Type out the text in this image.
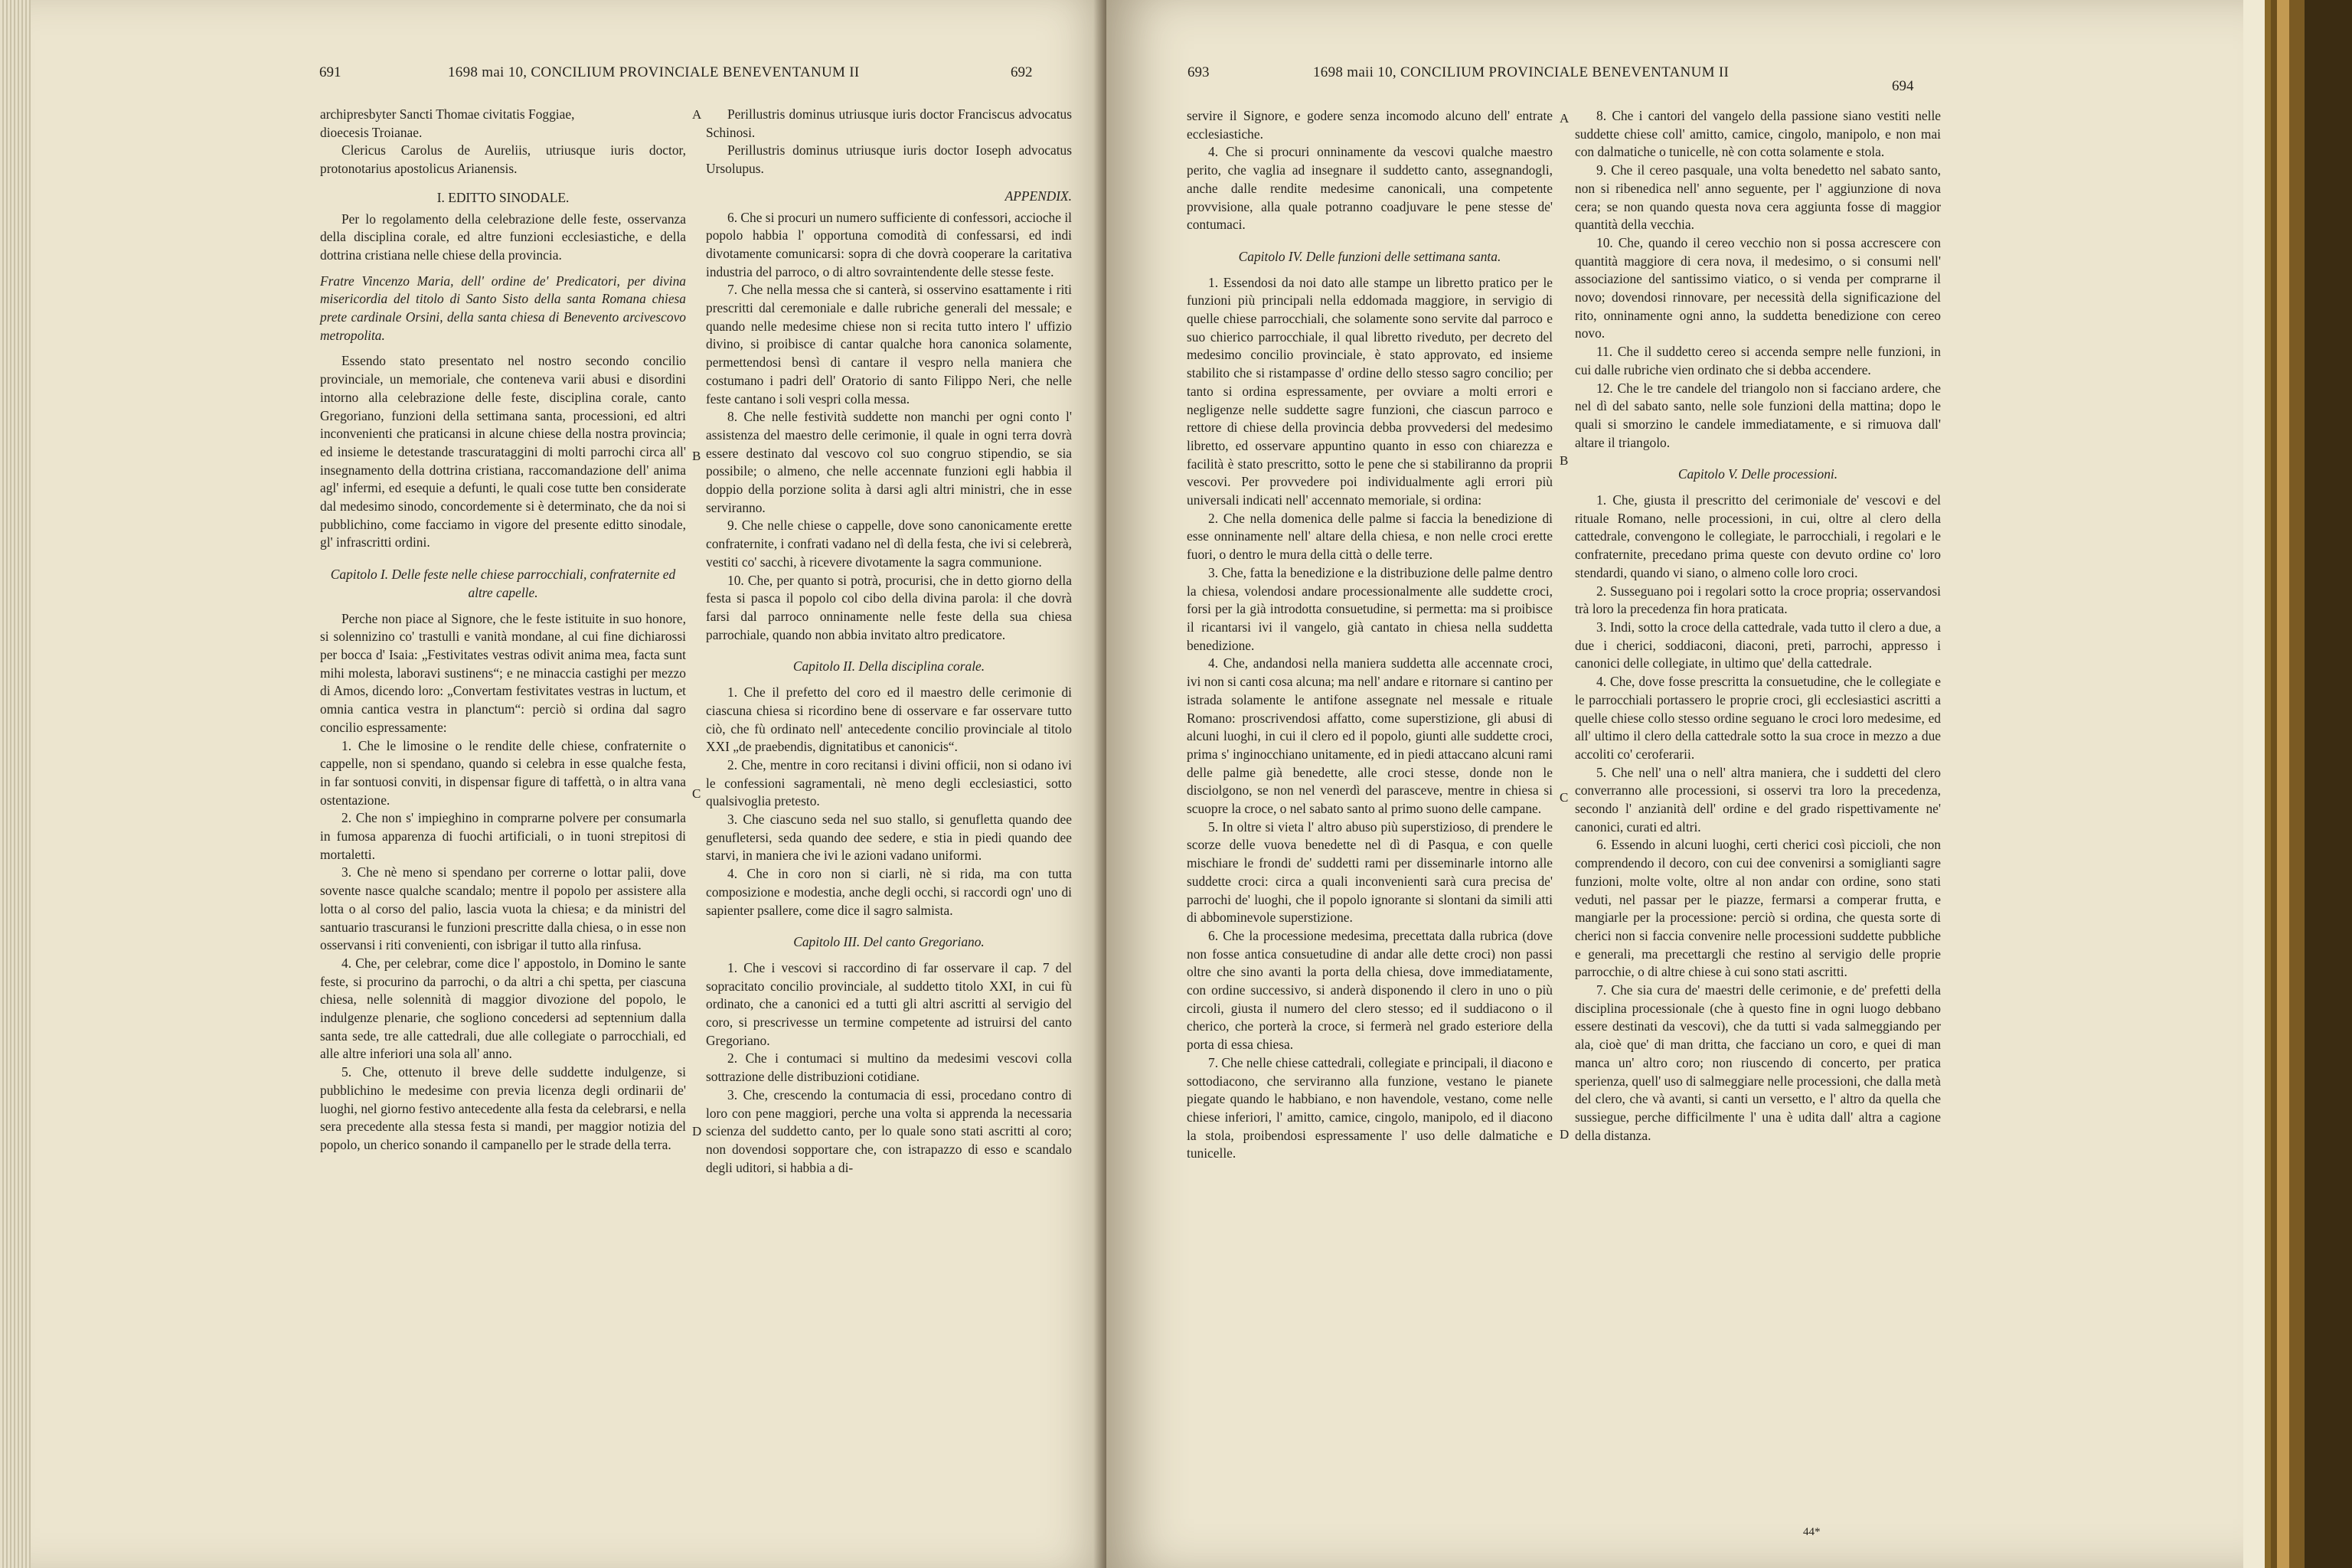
691	1698 mai 10, CONCILIUM PROVINCIALE BENEVENTANUM II	692

archipresbyter Sancti Thomae civitatis Foggiae,

dioecesis Troianae.

Clericus Carolus de Aureliis, utriusque iuris doctor, protonotarius apostolicus Arianensis.

I. EDITTO SINODALE.

Per lo regolamento della celebrazione delle feste, osservanza della disciplina corale, ed altre funzioni ecclesiastiche, e della dottrina cristiana nelle chiese della provincia.

Fratre Vincenzo Maria, dell' ordine de' Predicatori, per divina misericordia del titolo di Santo Sisto della santa Romana chiesa prete cardinale Orsini, della santa chiesa di Benevento arcivescovo metropolita.

Essendo stato presentato nel nostro secondo concilio provinciale, un memoriale, che conteneva varii abusi e disordini intorno alla celebrazione delle feste, disciplina corale, canto Gregoriano, funzioni della settimana santa, processioni, ed altri inconvenienti che praticansi in alcune chiese della nostra provincia; ed insieme le detestande trascurataggini di molti parrochi circa all' insegnamento della dottrina cristiana, raccomandazione dell' anima agl' infermi, ed esequie a defunti, le quali cose tutte ben considerate dal medesimo sinodo, concordemente si è determinato, che da noi si pubblichino, come facciamo in vigore del presente editto sinodale, gl' infrascritti ordini.

Capitolo I. Delle feste nelle chiese parrocchiali, confraternite ed altre capelle.

Perche non piace al Signore, che le feste istituite in suo honore, si solennizino co' trastulli e vanità mondane, al cui fine dichiarossi per bocca d' Isaia: „Festivitates vestras odivit anima mea, facta sunt mihi molesta, laboravi sustinens“; e ne minaccia castighi per mezzo di Amos, dicendo loro: „Convertam festivitates vestras in luctum, et omnia cantica vestra in planctum“: perciò si ordina dal sagro concilio espressamente:

1. Che le limosine o le rendite delle chiese, confraternite o cappelle, non si spendano, quando si celebra in esse qualche festa, in far sontuosi conviti, in dispensar figure di taffettà, o in altra vana ostentazione.

2. Che non s' impieghino in comprarne polvere per consumarla in fumosa apparenza di fuochi artificiali, o in tuoni strepitosi di mortaletti.

3. Che nè meno si spendano per correrne o lottar palii, dove sovente nasce qualche scandalo; mentre il popolo per assistere alla lotta o al corso del palio, lascia vuota la chiesa; e da ministri del santuario trascuransi le funzioni prescritte dalla chiesa, o in esse non osservansi i riti convenienti, con isbrigar il tutto alla rinfusa.

4. Che, per celebrar, come dice l' appostolo, in Domino le sante feste, si procurino da parrochi, o da altri a chi spetta, per ciascuna chiesa, nelle solennità di maggior divozione del popolo, le indulgenze plenarie, che sogliono concedersi ad septennium dalla santa sede, tre alle cattedrali, due alle collegiate o parrocchiali, ed alle altre inferiori una sola all' anno.

5. Che, ottenuto il breve delle suddette indulgenze, si pubblichino le medesime con previa licenza degli ordinarii de' luoghi, nel giorno festivo antecedente alla festa da celebrarsi, e nella sera precedente alla stessa festa si mandi, per maggior notizia del popolo, un cherico sonando il campanello per le strade della terra.

A
B
C
D

Perillustris dominus utriusque iuris doctor Franciscus advocatus Schinosi.

Perillustris dominus utriusque iuris doctor Ioseph advocatus Ursolupus.

APPENDIX.

6. Che si procuri un numero sufficiente di confessori, accioche il popolo habbia l' opportuna comodità di confessarsi, ed indi divotamente comunicarsi: sopra di che dovrà cooperare la caritativa industria del parroco, o di altro sovraintendente delle stesse feste.

7. Che nella messa che si canterà, si osservino esattamente i riti prescritti dal ceremoniale e dalle rubriche generali del messale; e quando nelle medesime chiese non si recita tutto intero l' uffizio divino, si proibisce di cantar qualche hora canonica solamente, permettendosi bensì di cantare il vespro nella maniera che costumano i padri dell' Oratorio di santo Filippo Neri, che nelle feste cantano i soli vespri colla messa.

8. Che nelle festività suddette non manchi per ogni conto l' assistenza del maestro delle cerimonie, il quale in ogni terra dovrà essere destinato dal vescovo col suo congruo stipendio, se sia possibile; o almeno, che nelle accennate funzioni egli habbia il doppio della porzione solita à darsi agli altri ministri, che in esse serviranno.

9. Che nelle chiese o cappelle, dove sono canonicamente erette confraternite, i confrati vadano nel dì della festa, che ivi si celebrerà, vestiti co' sacchi, à ricevere divotamente la sagra communione.

10. Che, per quanto si potrà, procurisi, che in detto giorno della festa si pasca il popolo col cibo della divina parola: il che dovrà farsi dal parroco onninamente nelle feste della sua chiesa parrochiale, quando non abbia invitato altro predicatore.

Capitolo II. Della disciplina corale.

1. Che il prefetto del coro ed il maestro delle cerimonie di ciascuna chiesa si ricordino bene di osservare e far osservare tutto ciò, che fù ordinato nell' antecedente concilio provinciale al titolo XXI „de praebendis, dignitatibus et canonicis“.

2. Che, mentre in coro recitansi i divini officii, non si odano ivi le confessioni sagramentali, nè meno degli ecclesiastici, sotto qualsivoglia pretesto.

3. Che ciascuno seda nel suo stallo, si genufletta quando dee genufletersi, seda quando dee sedere, e stia in piedi quando dee starvi, in maniera che ivi le azioni vadano uniformi.

4. Che in coro non si ciarli, nè si rida, ma con tutta composizione e modestia, anche degli occhi, si raccordi ogn' uno di sapienter psallere, come dice il sagro salmista.

Capitolo III. Del canto Gregoriano.

1. Che i vescovi si raccordino di far osservare il cap. 7 del sopracitato concilio provinciale, al suddetto titolo XXI, in cui fù ordinato, che a canonici ed a tutti gli altri ascritti al servigio del coro, si prescrivesse un termine competente ad istruirsi del canto Gregoriano.

2. Che i contumaci si multino da medesimi vescovi colla sottrazione delle distribuzioni cotidiane.

3. Che, crescendo la contumacia di essi, procedano contro di loro con pene maggiori, perche una volta si apprenda la necessaria scienza del suddetto canto, per lo quale sono stati ascritti al coro; non dovendosi sopportare che, con istrapazzo di esso e scandalo degli uditori, si habbia a di-

693	1698 maii 10, CONCILIUM PROVINCIALE BENEVENTANUM II
694

servire il Signore, e godere senza incomodo alcuno dell' entrate ecclesiastiche.

4. Che si procuri onninamente da vescovi qualche maestro perito, che vaglia ad insegnare il suddetto canto, assegnandogli, anche dalle rendite medesime canonicali, una competente provvisione, alla quale potranno coadjuvare le pene stesse de' contumaci.

Capitolo IV. Delle funzioni delle settimana santa.

1. Essendosi da noi dato alle stampe un libretto pratico per le funzioni più principali nella eddomada maggiore, in servigio di quelle chiese parrocchiali, che solamente sono servite dal parroco e suo chierico parrocchiale, il qual libretto riveduto, per decreto del medesimo concilio provinciale, è stato approvato, ed insieme stabilito che si ristampasse d' ordine dello stesso sagro concilio; per tanto si ordina espressamente, per ovviare a molti errori e negligenze nelle suddette sagre funzioni, che ciascun parroco e rettore di chiese della provincia debba provvedersi del medesimo libretto, ed osservare appuntino quanto in esso con chiarezza e facilità è stato prescritto, sotto le pene che si stabiliranno da proprii vescovi. Per provvedere poi individualmente agli errori più universali indicati nell' accennato memoriale, si ordina:

2. Che nella domenica delle palme si faccia la benedizione di esse onninamente nell' altare della chiesa, e non nelle croci erette fuori, o dentro le mura della città o delle terre.

3. Che, fatta la benedizione e la distribuzione delle palme dentro la chiesa, volendosi andare processionalmente alle suddette croci, forsi per la già introdotta consuetudine, si permetta: ma si proibisce il ricantarsi ivi il vangelo, già cantato in chiesa nella suddetta benedizione.

4. Che, andandosi nella maniera suddetta alle accennate croci, ivi non si canti cosa alcuna; ma nell' andare e ritornare si cantino per istrada solamente le antifone assegnate nel messale e rituale Romano: proscrivendosi affatto, come superstizione, gli abusi di alcuni luoghi, in cui il clero ed il popolo, giunti alle suddette croci, prima s' inginocchiano unitamente, ed in piedi attaccano alcuni rami delle palme già benedette, alle croci stesse, donde non le disciolgono, se non nel venerdì del parasceve, mentre in chiesa si scuopre la croce, o nel sabato santo al primo suono delle campane.

5. In oltre si vieta l' altro abuso più superstizioso, di prendere le scorze delle vuova benedette nel dì di Pasqua, e con quelle mischiare le frondi de' suddetti rami per disseminarle intorno alle suddette croci: circa a quali inconvenienti sarà cura precisa de' parrochi de' luoghi, che il popolo ignorante si slontani da simili atti di abbominevole superstizione.

6. Che la processione medesima, precettata dalla rubrica (dove non fosse antica consuetudine di andar alle dette croci) non passi oltre che sino avanti la porta della chiesa, dove immediatamente, con ordine successivo, si anderà disponendo il clero in uno o più circoli, giusta il numero del clero stesso; ed il suddiacono o il cherico, che porterà la croce, si fermerà nel grado esteriore della porta di essa chiesa.

7. Che nelle chiese cattedrali, collegiate e principali, il diacono e sottodiacono, che serviranno alla funzione, vestano le pianete piegate quando le habbiano, e non havendole, vestano, come nelle chiese inferiori, l' amitto, camice, cingolo, manipolo, ed il diacono la stola, proibendosi espressamente l' uso delle dalmatiche e tunicelle.

A
B
C
D

8. Che i cantori del vangelo della passione siano vestiti nelle suddette chiese coll' amitto, camice, cingolo, manipolo, e non mai con dalmatiche o tunicelle, nè con cotta solamente e stola.

9. Che il cereo pasquale, una volta benedetto nel sabato santo, non si ribenedica nell' anno seguente, per l' aggiunzione di nova cera; se non quando questa nova cera aggiunta fosse di maggior quantità della vecchia.

10. Che, quando il cereo vecchio non si possa accrescere con quantità maggiore di cera nova, il medesimo, o si consumi nell' associazione del santissimo viatico, o si venda per comprarne il novo; dovendosi rinnovare, per necessità della significazione del rito, onninamente ogni anno, la suddetta benedizione con cereo novo.

11. Che il suddetto cereo si accenda sempre nelle funzioni, in cui dalle rubriche vien ordinato che si debba accendere.

12. Che le tre candele del triangolo non si facciano ardere, che nel dì del sabato santo, nelle sole funzioni della mattina; dopo le quali si smorzino le candele immediatamente, e si rimuova dall' altare il triangolo.

Capitolo V. Delle processioni.

1. Che, giusta il prescritto del cerimoniale de' vescovi e del rituale Romano, nelle processioni, in cui, oltre al clero della cattedrale, convengono le collegiate, le parrocchiali, i regolari e le confraternite, precedano prima queste con devuto ordine co' loro stendardi, quando vi siano, o almeno colle loro croci.

2. Susseguano poi i regolari sotto la croce propria; osservandosi trà loro la precedenza fin hora praticata.

3. Indi, sotto la croce della cattedrale, vada tutto il clero a due, a due i cherici, soddiaconi, diaconi, preti, parrochi, appresso i canonici delle collegiate, in ultimo que' della cattedrale.

4. Che, dove fosse prescritta la consuetudine, che le collegiate e le parrocchiali portassero le proprie croci, gli ecclesiastici ascritti a quelle chiese collo stesso ordine seguano le croci loro medesime, ed all' ultimo il clero della cattedrale sotto la sua croce in mezzo a due accoliti co' ceroferarii.

5. Che nell' una o nell' altra maniera, che i suddetti del clero converranno alle processioni, si osservi tra loro la precedenza, secondo l' anzianità dell' ordine e del grado rispettivamente ne' canonici, curati ed altri.

6. Essendo in alcuni luoghi, certi cherici così piccioli, che non comprendendo il decoro, con cui dee convenirsi a somiglianti sagre funzioni, molte volte, oltre al non andar con ordine, sono stati veduti, nel passar per le piazze, fermarsi a comperar frutta, e mangiarle per la processione: perciò si ordina, che questa sorte di cherici non si faccia convenire nelle processioni suddette pubbliche e generali, ma precettargli che restino al servigio delle proprie parrocchie, o di altre chiese à cui sono stati ascritti.

7. Che sia cura de' maestri delle cerimonie, e de' prefetti della disciplina processionale (che à questo fine in ogni luogo debbano essere destinati da vescovi), che da tutti si vada salmeggiando per ala, cioè que' di man dritta, che facciano un coro, e quei di man manca un' altro coro; non riuscendo di concerto, per pratica sperienza, quell' uso di salmeggiare nelle processioni, che dalla metà del clero, che và avanti, si canti un versetto, e l' altro da quella che sussiegue, perche difficilmente l' una è udita dall' altra a cagione della distanza.

44*
